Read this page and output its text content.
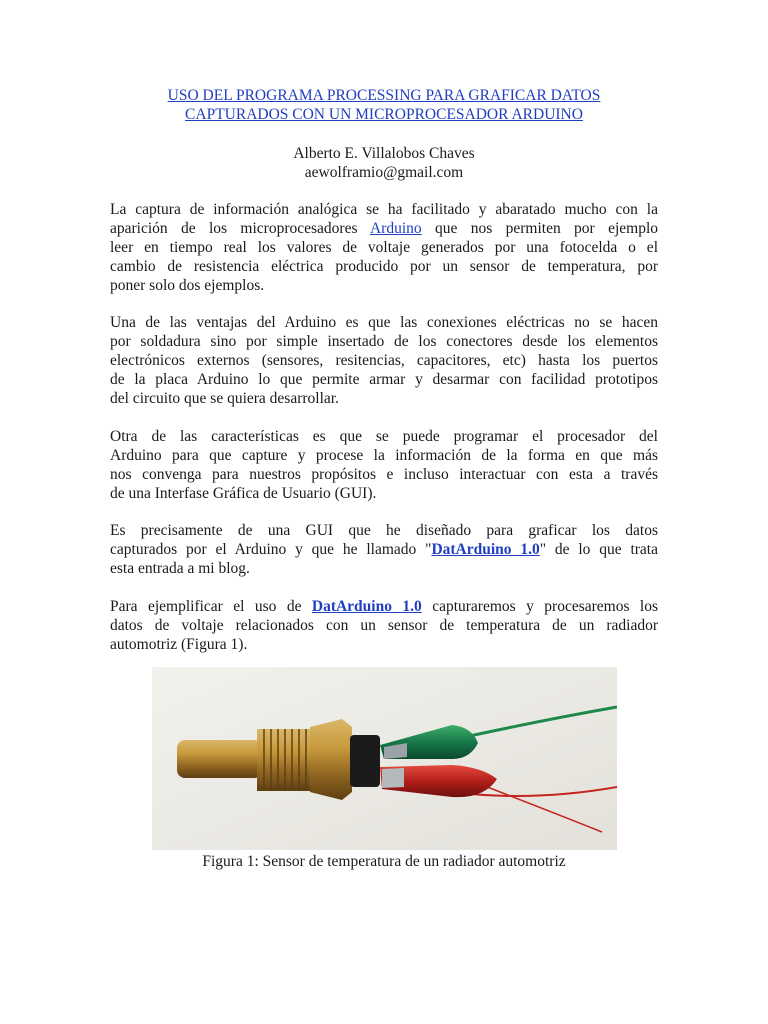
USO DEL PROGRAMA PROCESSING PARA GRAFICAR DATOS
CAPTURADOS CON UN MICROPROCESADOR ARDUINO
Alberto E. Villalobos Chaves
aewolframio@gmail.com
La captura de información analógica se ha facilitado y abaratado mucho con la
aparición de los microprocesadores Arduino que nos permiten por ejemplo
leer en tiempo real los valores de voltaje generados por una fotocelda o el
cambio de resistencia eléctrica producido por un sensor de temperatura, por
poner solo dos ejemplos.
Una de las ventajas del Arduino es que las conexiones eléctricas no se hacen
por soldadura sino por simple insertado de los conectores desde los elementos
electrónicos externos (sensores, resitencias, capacitores, etc) hasta los puertos
de la placa Arduino lo que permite armar y desarmar con facilidad prototipos
del circuito que se quiera desarrollar.
Otra de las características es que se puede programar el procesador del
Arduino para que capture y procese la información de la forma en que más
nos convenga para nuestros propósitos e incluso interactuar con esta a través
de una Interfase Gráfica de Usuario (GUI).
Es precisamente de una GUI que he diseñado para graficar los datos
capturados por el Arduino y que he llamado "DatArduino 1.0" de lo que trata
esta entrada a mi blog.
Para ejemplificar el uso de DatArduino 1.0 capturaremos y procesaremos los
datos de voltaje relacionados con un sensor de temperatura de un radiador
automotriz (Figura 1).
Figura 1: Sensor de temperatura de un radiador automotriz
